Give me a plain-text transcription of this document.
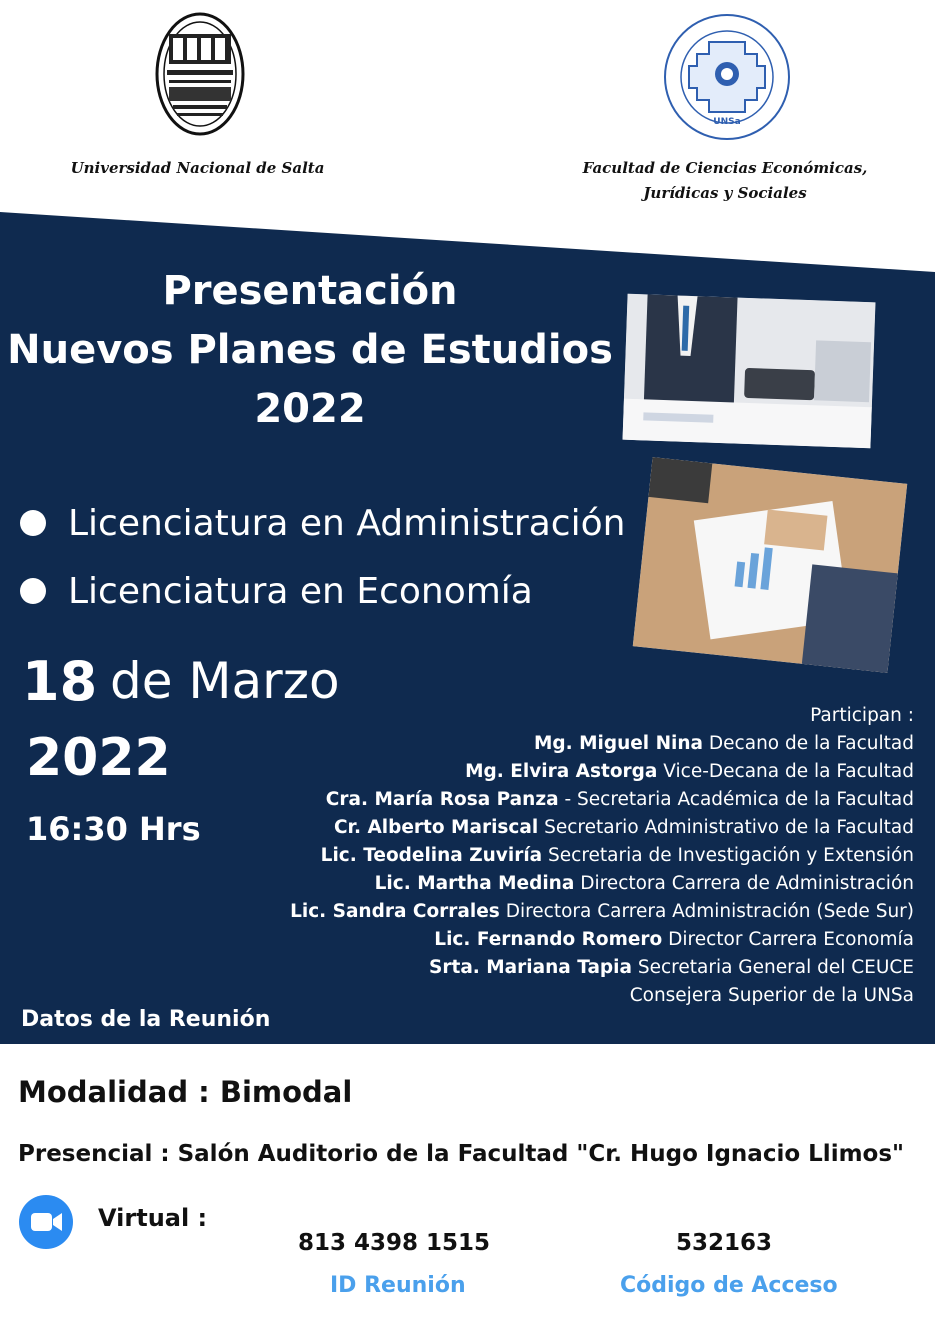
UNSa
Universidad Nacional de Salta	Facultad de Ciencias Económicas,
Jurídicas y Sociales
Presentación
Nuevos Planes de Estudios
2022
Licenciatura en Administración
Licenciatura en Economía
18 de Marzo
2022
16:30 Hrs
Participan :
Mg. Miguel Nina Decano de la Facultad
Mg. Elvira Astorga Vice-Decana de la Facultad
Cra. María Rosa Panza - Secretaria Académica de la Facultad
Cr. Alberto Mariscal Secretario Administrativo de la Facultad
Lic. Teodelina Zuviría Secretaria de Investigación y Extensión
Lic. Martha Medina Directora Carrera de Administración
Lic. Sandra Corrales Directora Carrera Administración (Sede Sur)
Lic. Fernando Romero Director Carrera Economía
Srta. Mariana Tapia Secretaria General del CEUCE
Consejera Superior de la UNSa
Datos de la Reunión
Modalidad : Bimodal
Presencial : Salón Auditorio de la Facultad "Cr. Hugo Ignacio Llimos"
Virtual :
813 4398 1515	532163
ID Reunión	Código de Acceso
